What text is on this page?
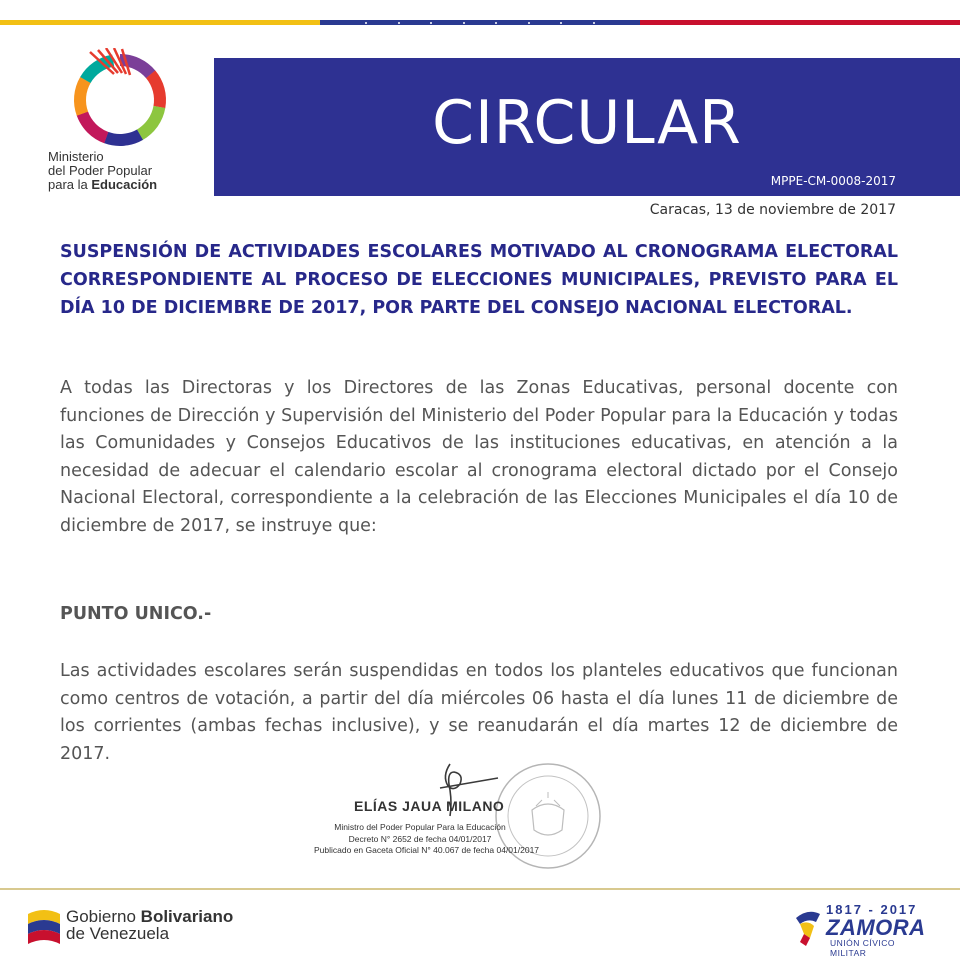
Ministerio
del Poder Popular
para la Educación
CIRCULAR
MPPE-CM-0008-2017
Caracas, 13 de noviembre de 2017
SUSPENSIÓN DE ACTIVIDADES ESCOLARES MOTIVADO AL CRONOGRAMA ELECTORAL CORRESPONDIENTE AL PROCESO DE ELECCIONES MUNICIPALES, PREVISTO PARA EL DÍA 10 DE DICIEMBRE DE 2017, POR PARTE DEL CONSEJO NACIONAL ELECTORAL.
A todas las Directoras y los Directores de las Zonas Educativas, personal docente con funciones de Dirección y Supervisión del Ministerio del Poder Popular para la Educación y todas las Comunidades y Consejos Educativos de las instituciones educativas, en atención a la necesidad de adecuar el calendario escolar al cronograma electoral dictado por el Consejo Nacional Electoral, correspondiente a la celebración de las Elecciones Municipales el día 10 de diciembre de 2017, se instruye que:
PUNTO UNICO.-
Las actividades escolares serán suspendidas en todos los planteles educativos que funcionan como centros de votación, a partir del día miércoles 06 hasta el día lunes 11 de diciembre de los corrientes (ambas fechas inclusive), y se reanudarán el día martes 12 de diciembre de 2017.
ELÍAS JAUA MILANO
Ministro del Poder Popular Para la Educación
Decreto N° 2652 de fecha 04/01/2017
Publicado en Gaceta Oficial N° 40.067 de fecha 04/01/2017
Gobierno Bolivariano
de Venezuela
1817 - 2017
ZAMORA
UNIÓN CÍVICO MILITAR
